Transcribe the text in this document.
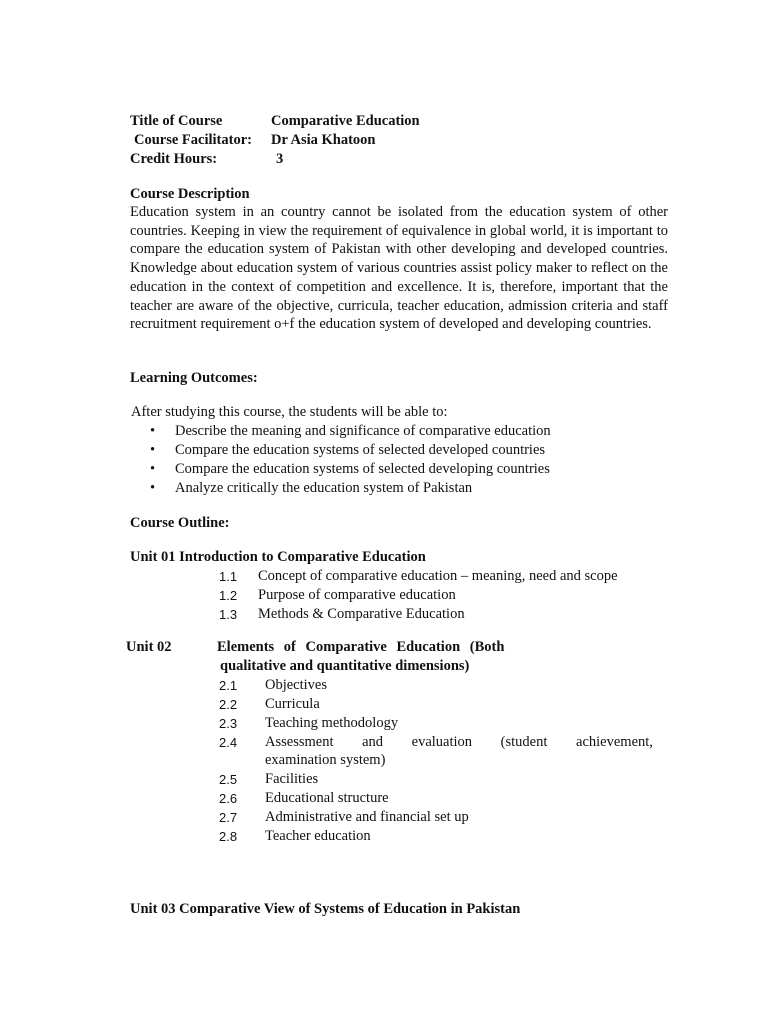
Title of Course	Comparative Education
Course Facilitator: Dr Asia Khatoon
Credit Hours:	3
Course Description
Education system in an country cannot be isolated from the education system of other countries. Keeping in view the requirement of equivalence in global world, it is important to compare the education system of Pakistan with other developing and developed countries. Knowledge about education system of various countries assist policy maker to reflect on the education in the context of competition and excellence. It is, therefore, important that the teacher are aware of the objective, curricula, teacher education, admission criteria and staff recruitment requirement o+f the education system of developed and developing countries.
Learning Outcomes:
After studying this course, the students will be able to:
• Describe the meaning and significance of comparative education
• Compare the education systems of selected developed countries
• Compare the education systems of selected developing countries
• Analyze critically the education system of Pakistan
Course Outline:
Unit 01 Introduction to Comparative Education
1.1 Concept of comparative education – meaning, need and scope
1.2 Purpose of comparative education
1.3 Methods & Comparative Education
Unit 02	Elements of Comparative Education (Both
qualitative and quantitative dimensions)
2.1 Objectives
2.2 Curricula
2.3 Teaching methodology
2.4 Assessment and evaluation (student achievement,
examination system)
2.5 Facilities
2.6 Educational structure
2.7 Administrative and financial set up
2.8 Teacher education
Unit 03 Comparative View of Systems of Education in Pakistan
